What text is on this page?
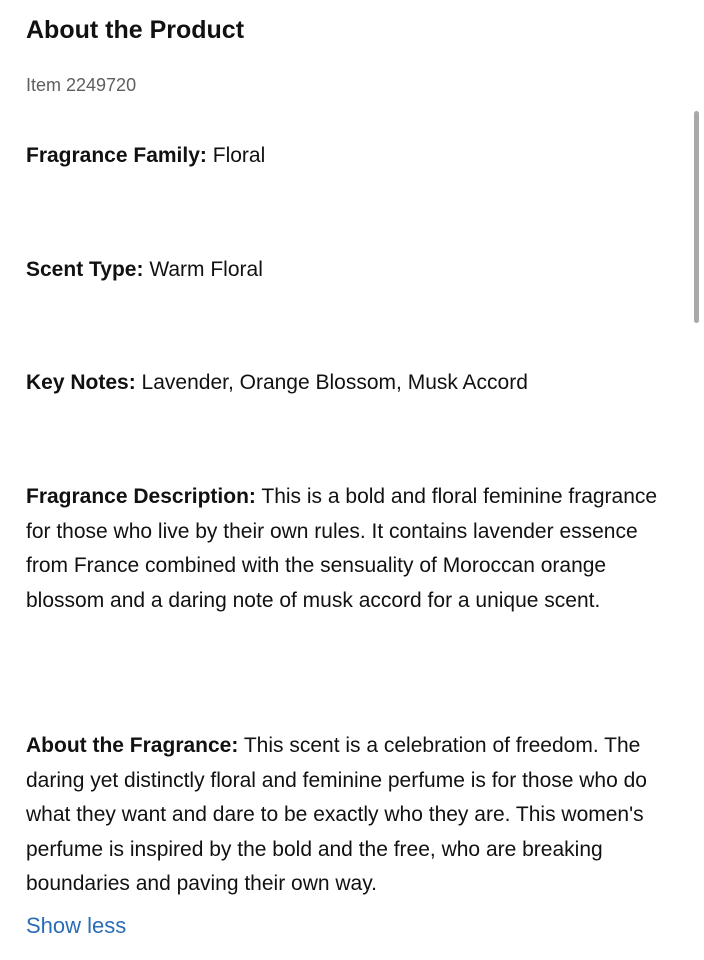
About the Product
Item 2249720
Fragrance Family: Floral
Scent Type: Warm Floral
Key Notes: Lavender, Orange Blossom, Musk Accord
Fragrance Description: This is a bold and floral feminine fragrance for those who live by their own rules. It contains lavender essence from France combined with the sensuality of Moroccan orange blossom and a daring note of musk accord for a unique scent.
About the Fragrance: This scent is a celebration of freedom. The daring yet distinctly floral and feminine perfume is for those who do what they want and dare to be exactly who they are. This women's perfume is inspired by the bold and the free, who are breaking boundaries and paving their own way.
Show less
